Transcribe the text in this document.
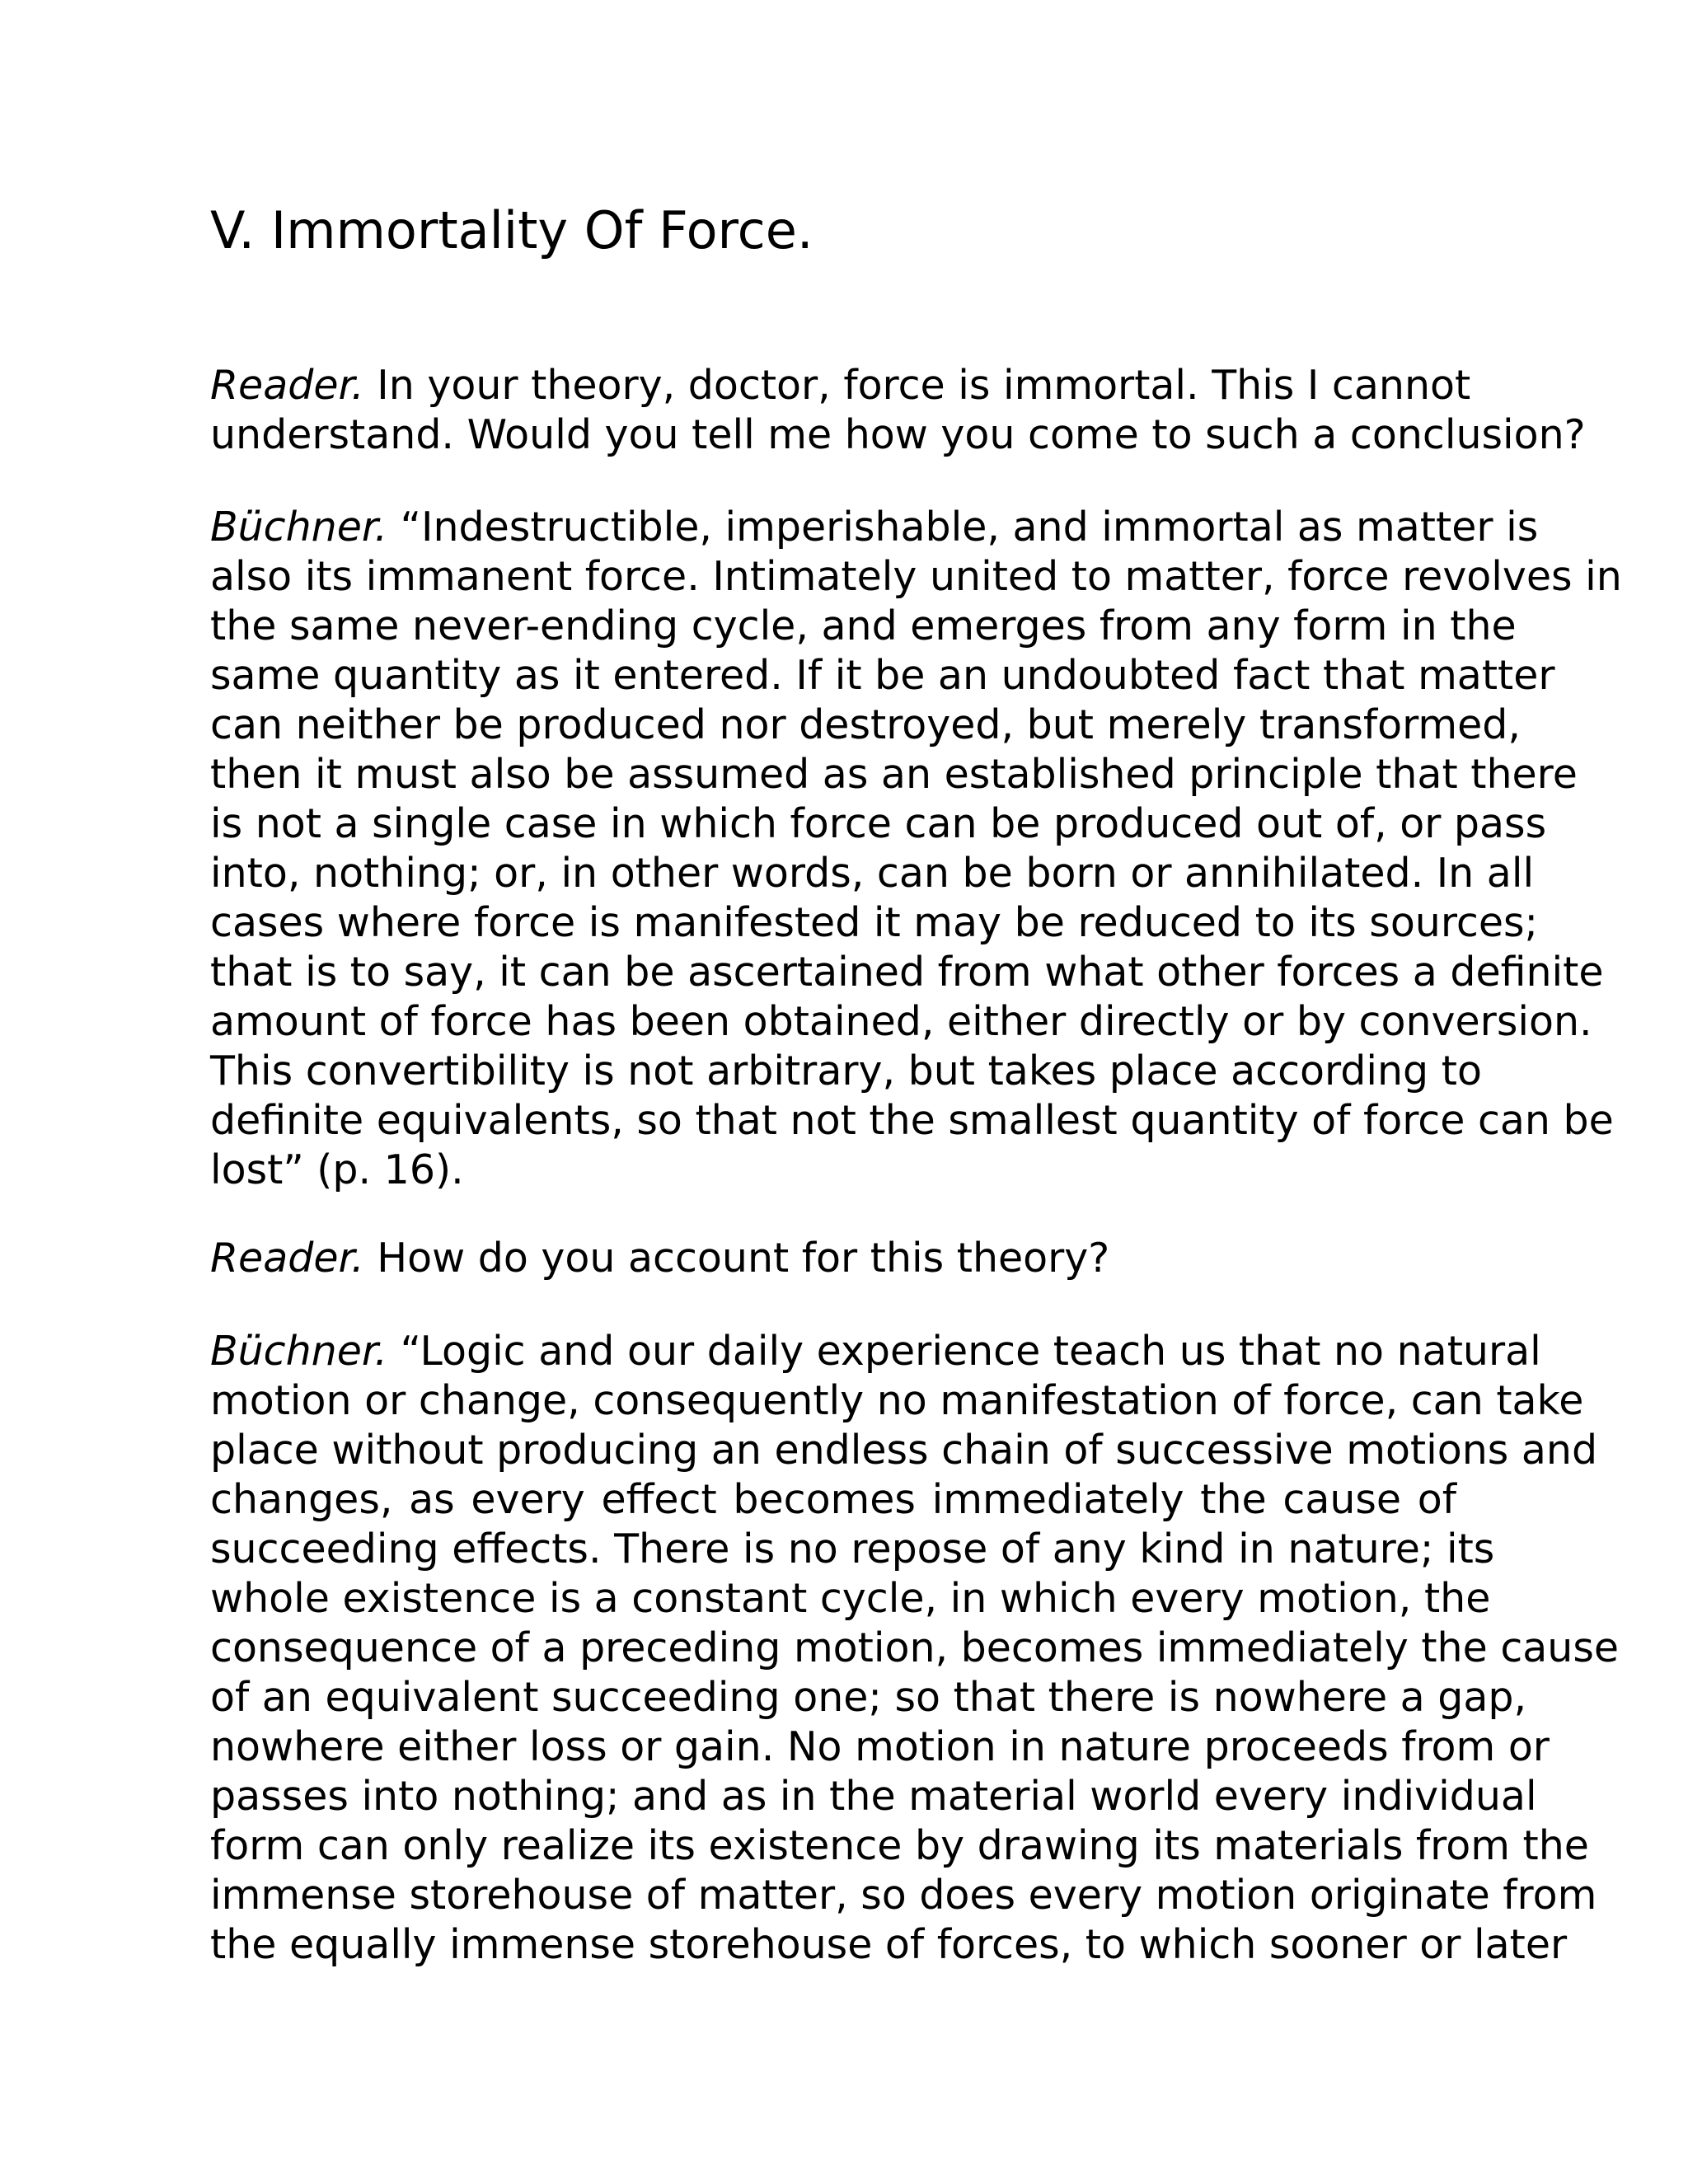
V. Immortality Of Force.
Reader. In your theory, doctor, force is immortal. This I cannot
understand. Would you tell me how you come to such a conclusion?
Büchner. “Indestructible, imperishable, and immortal as matter is
also its immanent force. Intimately united to matter, force revolves in
the same never-ending cycle, and emerges from any form in the
same quantity as it entered. If it be an undoubted fact that matter
can neither be produced nor destroyed, but merely transformed,
then it must also be assumed as an established principle that there
is not a single case in which force can be produced out of, or pass
into, nothing; or, in other words, can be born or annihilated. In all
cases where force is manifested it may be reduced to its sources;
that is to say, it can be ascertained from what other forces a definite
amount of force has been obtained, either directly or by conversion.
This convertibility is not arbitrary, but takes place according to
definite equivalents, so that not the smallest quantity of force can be
lost” (p. 16).
Reader. How do you account for this theory?
Büchner. “Logic and our daily experience teach us that no natural
motion or change, consequently no manifestation of force, can take
place without producing an endless chain of successive motions and
changes, as every effect becomes immediately the cause of
succeeding effects. There is no repose of any kind in nature; its
whole existence is a constant cycle, in which every motion, the
consequence of a preceding motion, becomes immediately the cause
of an equivalent succeeding one; so that there is nowhere a gap,
nowhere either loss or gain. No motion in nature proceeds from or
passes into nothing; and as in the material world every individual
form can only realize its existence by drawing its materials from the
immense storehouse of matter, so does every motion originate from
the equally immense storehouse of forces, to which sooner or later
